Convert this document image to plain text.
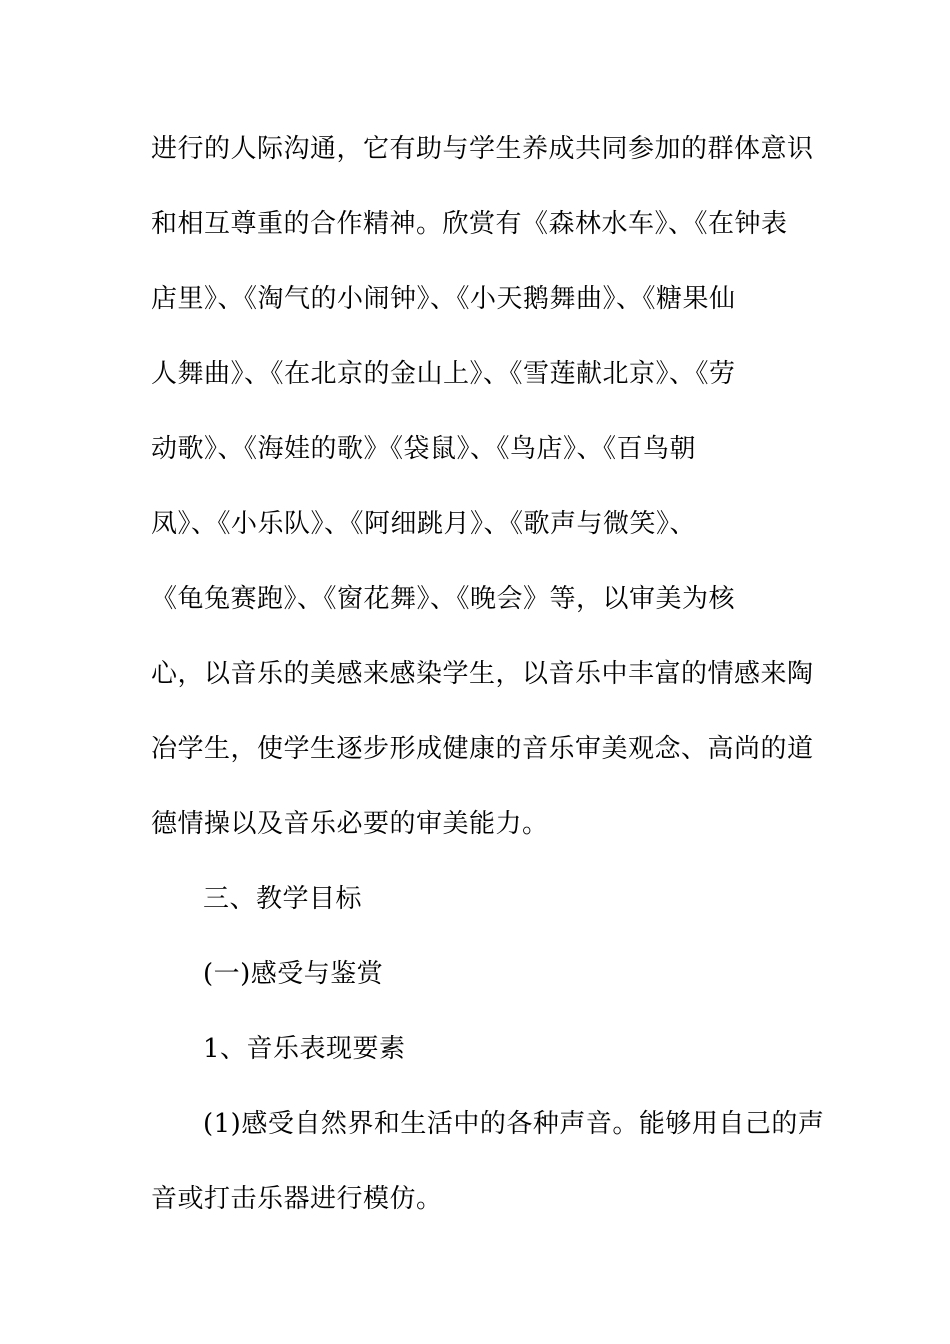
进行的人际沟通，它有助与学生养成共同参加的群体意识
和相互尊重的合作精神。欣赏有《森林水车》、《在钟表
店里》、《淘气的小闹钟》、《小天鹅舞曲》、《糖果仙
人舞曲》、《在北京的金山上》、《雪莲献北京》、《劳
动歌》、《海娃的歌》《袋鼠》、《鸟店》、《百鸟朝
凤》、《小乐队》、《阿细跳月》、《歌声与微笑》、
《龟兔赛跑》、《窗花舞》、《晚会》等，以审美为核
心，以音乐的美感来感染学生，以音乐中丰富的情感来陶
冶学生，使学生逐步形成健康的音乐审美观念、高尚的道
德情操以及音乐必要的审美能力。
三、教学目标
(一)感受与鉴赏
1、音乐表现要素
(1)感受自然界和生活中的各种声音。能够用自己的声
音或打击乐器进行模仿。
